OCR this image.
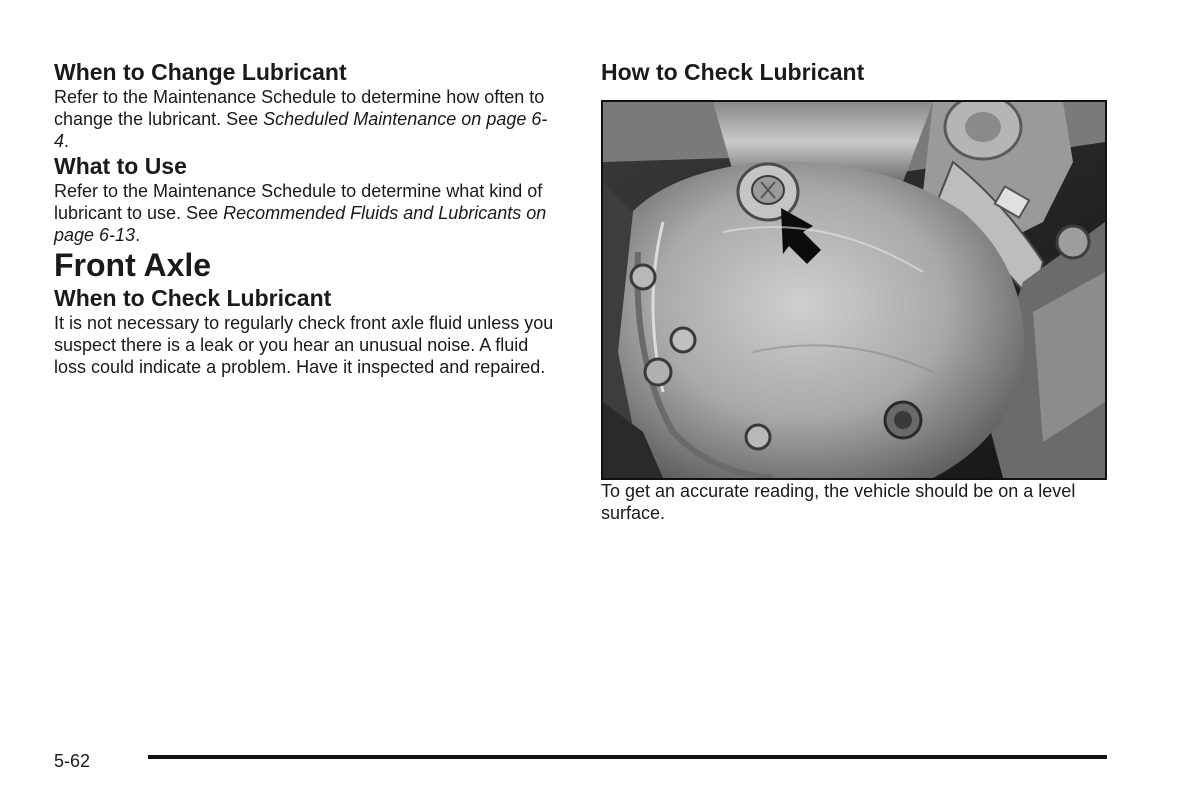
When to Change Lubricant

Refer to the Maintenance Schedule to determine how often to change the lubricant. See Scheduled Maintenance on page 6-4.

What to Use

Refer to the Maintenance Schedule to determine what kind of lubricant to use. See Recommended Fluids and Lubricants on page 6-13.

Front Axle
When to Check Lubricant

It is not necessary to regularly check front axle fluid unless you suspect there is a leak or you hear an unusual noise. A fluid loss could indicate a problem. Have it inspected and repaired.

How to Check Lubricant

To get an accurate reading, the vehicle should be on a level surface.

5-62
